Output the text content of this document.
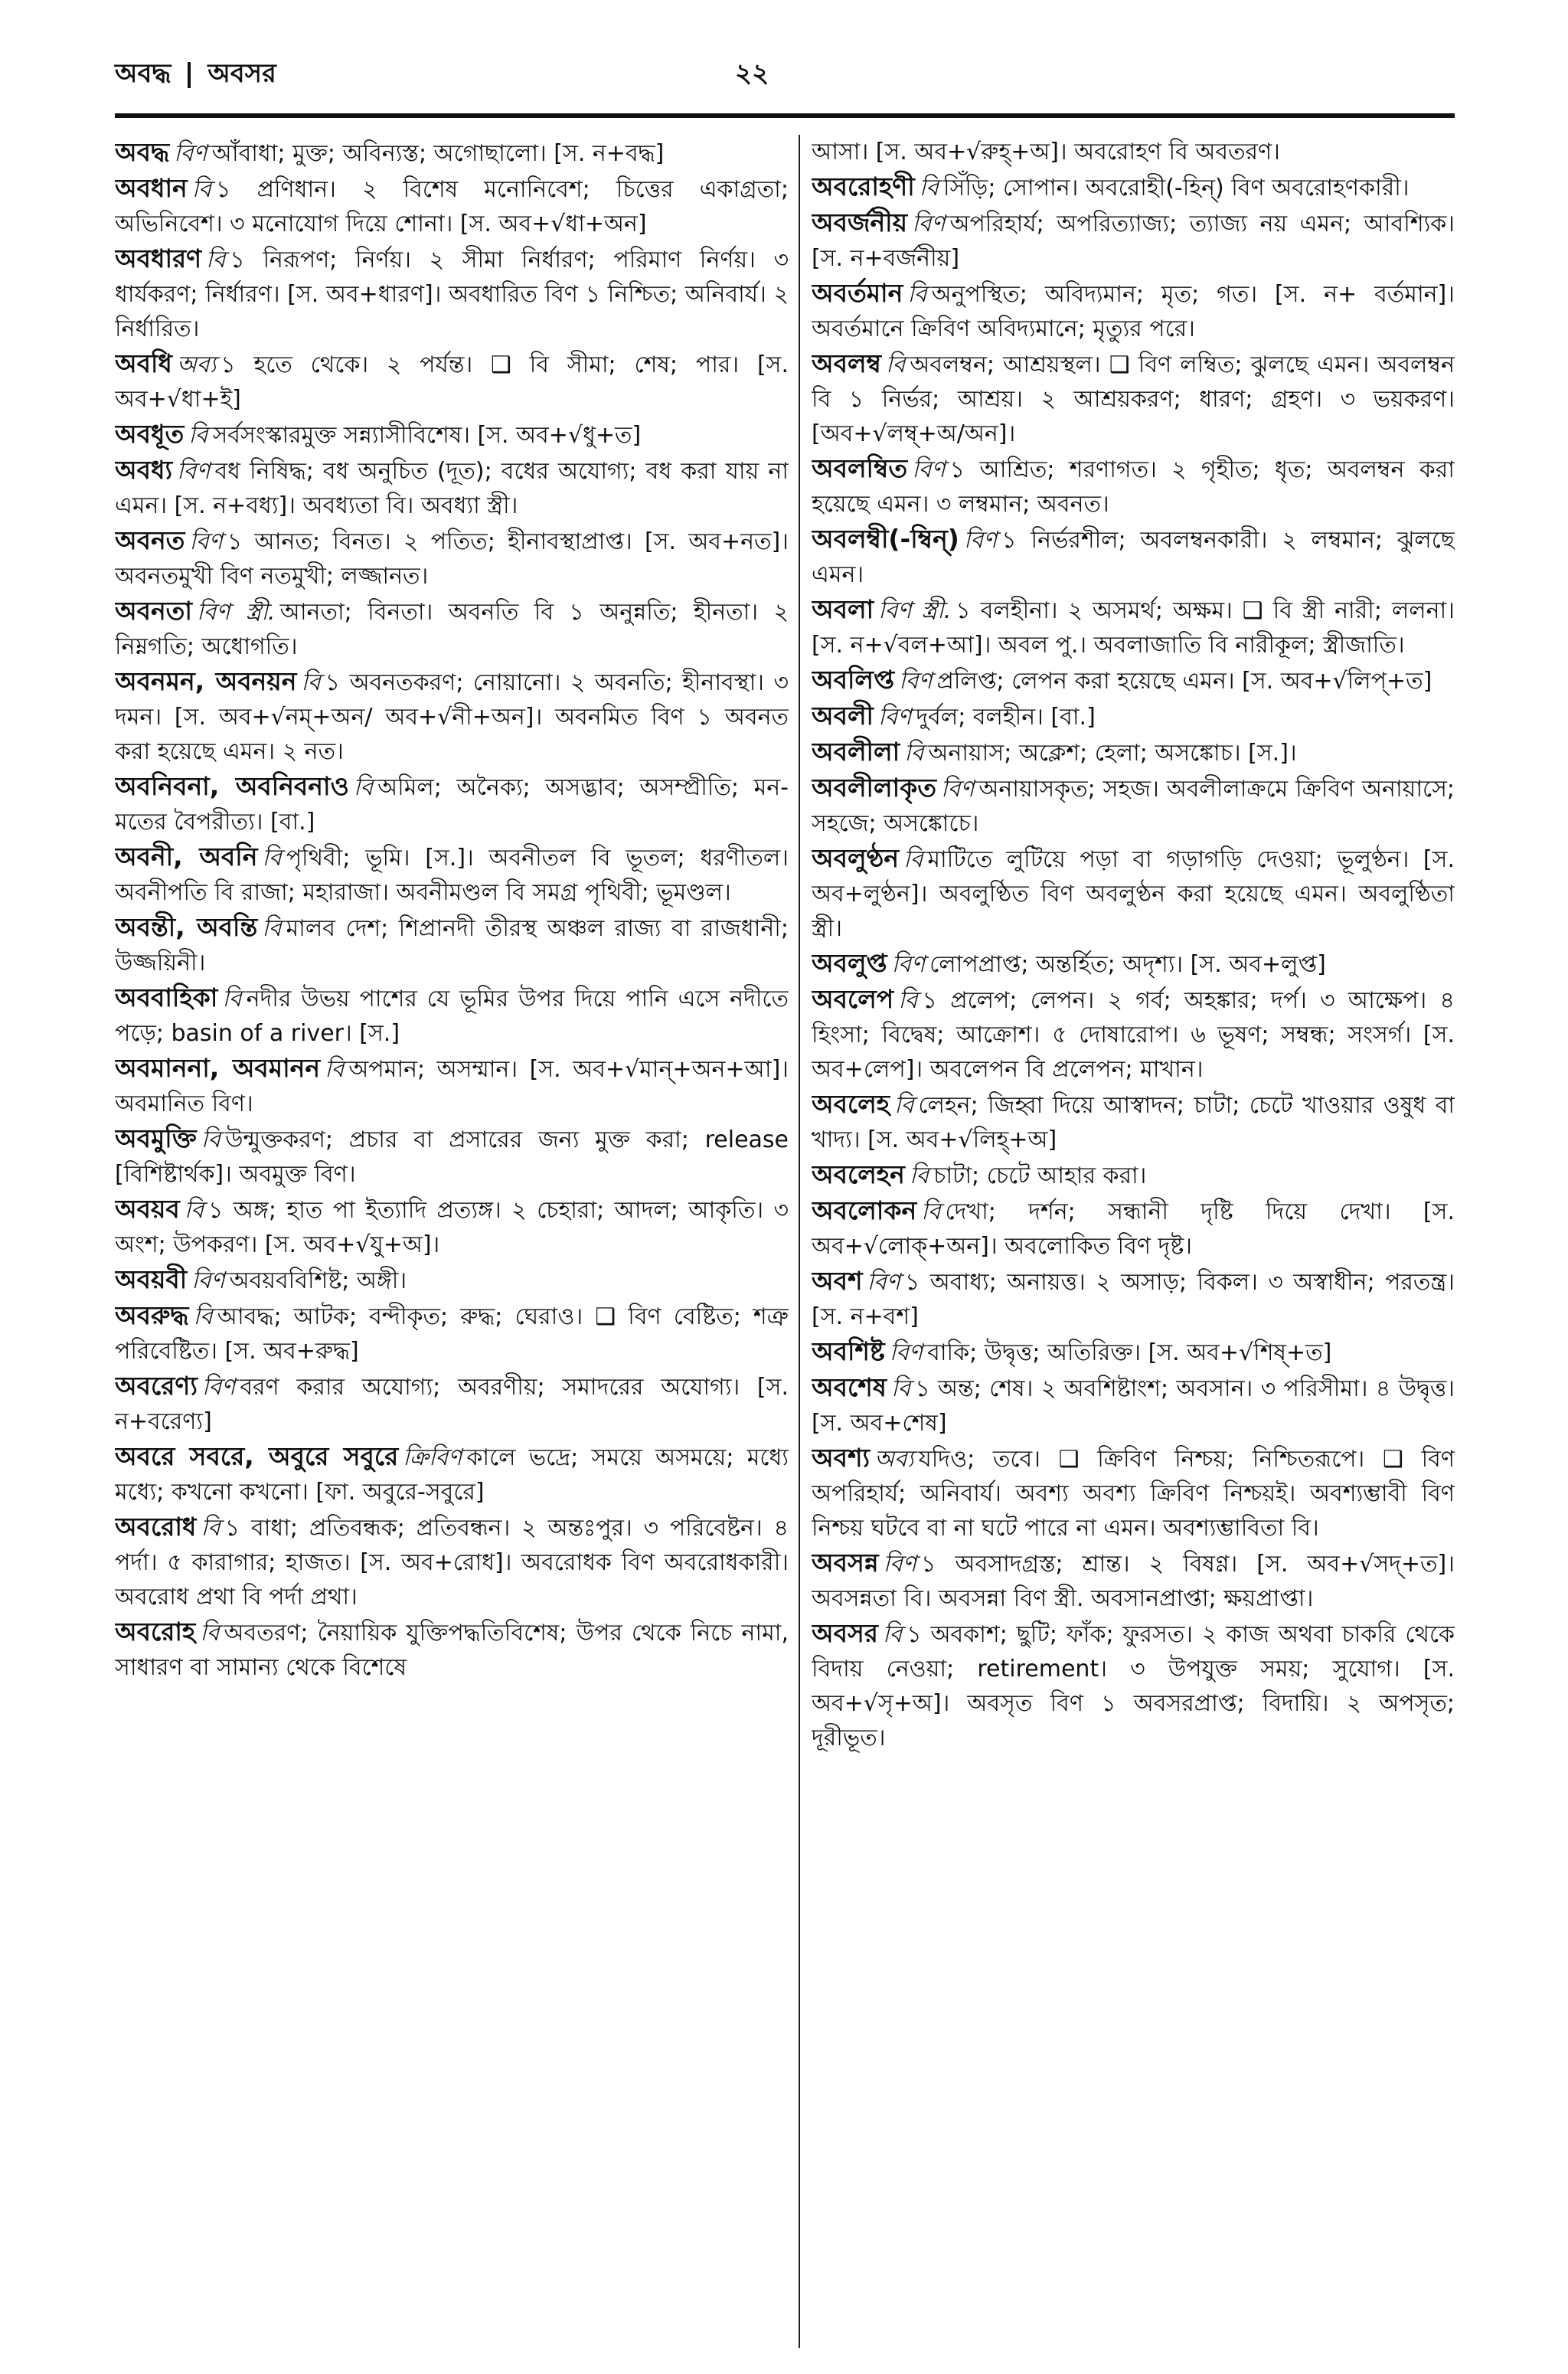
অবদ্ধ অবসর	২২
অবদ্ধ বিণ আঁবাধা; মুক্ত; অবিন্যস্ত; অগোছালো। [স. ন+বদ্ধ]
অবধান বি ১ প্রণিধান। ২ বিশেষ মনোনিবেশ; চিত্তের একাগ্রতা; অভিনিবেশ। ৩ মনোযোগ দিয়ে শোনা। [স. অব+√ধা+অন]
অবধারণ বি ১ নিরূপণ; নির্ণয়। ২ সীমা নির্ধারণ; পরিমাণ নির্ণয়। ৩ ধার্যকরণ; নির্ধারণ। [স. অব+ধারণ]। অবধারিত বিণ ১ নিশ্চিত; অনিবার্য। ২ নির্ধারিত।
অবধি অব্য ১ হতে থেকে। ২ পর্যন্ত। ❑ বি সীমা; শেষ; পার। [স. অব+√ধা+ই]
অবধূত বি সর্বসংস্কারমুক্ত সন্ন্যাসীবিশেষ। [স. অব+√ধু+ত]
অবধ্য বিণ বধ নিষিদ্ধ; বধ অনুচিত (দূত); বধের অযোগ্য; বধ করা যায় না এমন। [স. ন+বধ্য]। অবধ্যতা বি। অবধ্যা স্ত্রী।
অবনত বিণ ১ আনত; বিনত। ২ পতিত; হীনাবস্থাপ্রাপ্ত। [স. অব+নত]। অবনতমুখী বিণ নতমুখী; লজ্জানত।
অবনতা বিণ স্ত্রী. আনতা; বিনতা। অবনতি বি ১ অনুন্নতি; হীনতা। ২ নিম্নগতি; অধোগতি।
অবনমন, অবনয়ন বি ১ অবনতকরণ; নোয়ানো। ২ অবনতি; হীনাবস্থা। ৩ দমন। [স. অব+√নম্+অন/ অব+√নী+অন]। অবনমিত বিণ ১ অবনত করা হয়েছে এমন। ২ নত।
অবনিবনা, অবনিবনাও বি অমিল; অনৈক্য; অসদ্ভাব; অসম্প্রীতি; মন-মতের বৈপরীত্য। [বা.]
অবনী, অবনি বি পৃথিবী; ভূমি। [স.]। অবনীতল বি ভূতল; ধরণীতল। অবনীপতি বি রাজা; মহারাজা। অবনীমণ্ডল বি সমগ্র পৃথিবী; ভূমণ্ডল।
অবন্তী, অবন্তি বি মালব দেশ; শিপ্রানদী তীরস্থ অঞ্চল রাজ্য বা রাজধানী; উজ্জয়িনী।
অববাহিকা বি নদীর উভয় পাশের যে ভূমির উপর দিয়ে পানি এসে নদীতে পড়ে; basin of a river। [স.]
অবমাননা, অবমানন বি অপমান; অসম্মান। [স. অব+√মান্+অন+আ]। অবমানিত বিণ।
অবমুক্তি বি উন্মুক্তকরণ; প্রচার বা প্রসারের জন্য মুক্ত করা; release [বিশিষ্টার্থক]। অবমুক্ত বিণ।
অবয়ব বি ১ অঙ্গ; হাত পা ইত্যাদি প্রত্যঙ্গ। ২ চেহারা; আদল; আকৃতি। ৩ অংশ; উপকরণ। [স. অব+√যু+অ]।
অবয়বী বিণ অবয়ববিশিষ্ট; অঙ্গী।
অবরুদ্ধ বি আবদ্ধ; আটক; বন্দীকৃত; রুদ্ধ; ঘেরাও। ❑ বিণ বেষ্টিত; শত্রু পরিবেষ্টিত। [স. অব+রুদ্ধ]
অবরেণ্য বিণ বরণ করার অযোগ্য; অবরণীয়; সমাদরের অযোগ্য। [স. ন+বরেণ্য]
অবরে সবরে, অবুরে সবুরে ক্রিবিণ কালে ভদ্রে; সময়ে অসময়ে; মধ্যে মধ্যে; কখনো কখনো। [ফা. অবুরে-সবুরে]
অবরোধ বি ১ বাধা; প্রতিবন্ধক; প্রতিবন্ধন। ২ অন্তঃপুর। ৩ পরিবেষ্টন। ৪ পর্দা। ৫ কারাগার; হাজত। [স. অব+রোধ]। অবরোধক বিণ অবরোধকারী। অবরোধ প্রথা বি পর্দা প্রথা।
অবরোহ বি অবতরণ; নৈয়ায়িক যুক্তিপদ্ধতিবিশেষ; উপর থেকে নিচে নামা, সাধারণ বা সামান্য থেকে বিশেষে
আসা। [স. অব+√রুহ্+অ]। অবরোহণ বি অবতরণ।
অবরোহণী বি সিঁড়ি; সোপান। অবরোহী(-হিন্) বিণ অবরোহণকারী।
অবর্জনীয় বিণ অপরিহার্য; অপরিত্যাজ্য; ত্যাজ্য নয় এমন; আবশ্যিক। [স. ন+বর্জনীয়]
অবর্তমান বি অনুপস্থিত; অবিদ্যমান; মৃত; গত। [স. ন+ বর্তমান]। অবর্তমানে ক্রিবিণ অবিদ্যমানে; মৃত্যুর পরে।
অবলম্ব বি অবলম্বন; আশ্রয়স্থল। ❑ বিণ লম্বিত; ঝুলছে এমন। অবলম্বন বি ১ নির্ভর; আশ্রয়। ২ আশ্রয়করণ; ধারণ; গ্রহণ। ৩ ভয়করণ। [অব+√লম্ব্+অ/অন]।
অবলম্বিত বিণ ১ আশ্রিত; শরণাগত। ২ গৃহীত; ধৃত; অবলম্বন করা হয়েছে এমন। ৩ লম্বমান; অবনত।
অবলম্বী(-ম্বিন্) বিণ ১ নির্ভরশীল; অবলম্বনকারী। ২ লম্বমান; ঝুলছে এমন।
অবলা বিণ স্ত্রী. ১ বলহীনা। ২ অসমর্থ; অক্ষম। ❑ বি স্ত্রী নারী; ললনা। [স. ন+√বল+আ]। অবল পু.। অবলাজাতি বি নারীকূল; স্ত্রীজাতি।
অবলিপ্ত বিণ প্রলিপ্ত; লেপন করা হয়েছে এমন। [স. অব+√লিপ্+ত]
অবলী বিণ দুর্বল; বলহীন। [বা.]
অবলীলা বি অনায়াস; অক্লেশ; হেলা; অসঙ্কোচ। [স.]।
অবলীলাকৃত বিণ অনায়াসকৃত; সহজ। অবলীলাক্রমে ক্রিবিণ অনায়াসে; সহজে; অসঙ্কোচে।
অবলুণ্ঠন বি মাটিতে লুটিয়ে পড়া বা গড়াগড়ি দেওয়া; ভূলুণ্ঠন। [স. অব+লুণ্ঠন]। অবলুণ্ঠিত বিণ অবলুণ্ঠন করা হয়েছে এমন। অবলুণ্ঠিতা স্ত্রী।
অবলুপ্ত বিণ লোপপ্রাপ্ত; অন্তর্হিত; অদৃশ্য। [স. অব+লুপ্ত]
অবলেপ বি ১ প্রলেপ; লেপন। ২ গর্ব; অহঙ্কার; দর্প। ৩ আক্ষেপ। ৪ হিংসা; বিদ্বেষ; আক্রোশ। ৫ দোষারোপ। ৬ ভূষণ; সম্বন্ধ; সংসর্গ। [স. অব+লেপ]। অবলেপন বি প্রলেপন; মাখান।
অবলেহ বি লেহন; জিহ্বা দিয়ে আস্বাদন; চাটা; চেটে খাওয়ার ওষুধ বা খাদ্য। [স. অব+√লিহ্+অ]
অবলেহন বি চাটা; চেটে আহার করা।
অবলোকন বি দেখা; দর্শন; সন্ধানী দৃষ্টি দিয়ে দেখা। [স. অব+√লোক্+অন]। অবলোকিত বিণ দৃষ্ট।
অবশ বিণ ১ অবাধ্য; অনায়ত্ত। ২ অসাড়; বিকল। ৩ অস্বাধীন; পরতন্ত্র। [স. ন+বশ]
অবশিষ্ট বিণ বাকি; উদ্বৃত্ত; অতিরিক্ত। [স. অব+√শিষ্+ত]
অবশেষ বি ১ অন্ত; শেষ। ২ অবশিষ্টাংশ; অবসান। ৩ পরিসীমা। ৪ উদ্বৃত্ত। [স. অব+শেষ]
অবশ্য অব্য যদিও; তবে। ❑ ক্রিবিণ নিশ্চয়; নিশ্চিতরূপে। ❑ বিণ অপরিহার্য; অনিবার্য। অবশ্য অবশ্য ক্রিবিণ নিশ্চয়ই। অবশ্যম্ভাবী বিণ নিশ্চয় ঘটবে বা না ঘটে পারে না এমন। অবশ্যম্ভাবিতা বি।
অবসন্ন বিণ ১ অবসাদগ্রস্ত; শ্রান্ত। ২ বিষণ্ণ। [স. অব+√সদ্+ত]। অবসন্নতা বি। অবসন্না বিণ স্ত্রী. অবসানপ্রাপ্তা; ক্ষয়প্রাপ্তা।
অবসর বি ১ অবকাশ; ছুটি; ফাঁক; ফুরসত। ২ কাজ অথবা চাকরি থেকে বিদায় নেওয়া; retirement। ৩ উপযুক্ত সময়; সুযোগ। [স. অব+√সৃ+অ]। অবসৃত বিণ ১ অবসরপ্রাপ্ত; বিদায়ি। ২ অপসৃত; দূরীভূত।
